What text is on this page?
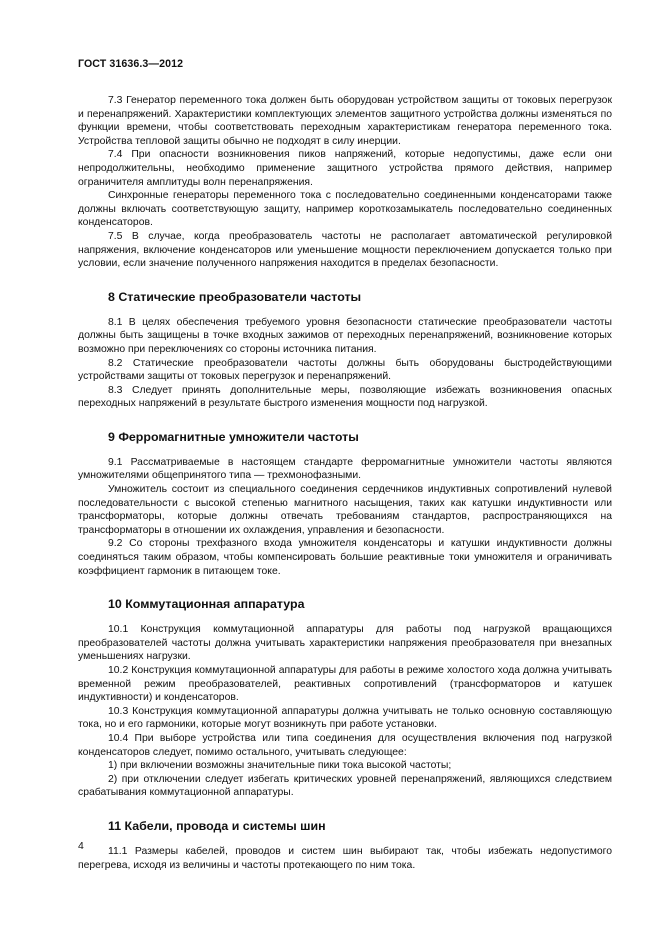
ГОСТ 31636.3—2012

7.3 Генератор переменного тока должен быть оборудован устройством защиты от токовых перегрузок и перенапряжений. Характеристики комплектующих элементов защитного устройства должны изменяться по функции времени, чтобы соответствовать переходным характеристикам генератора переменного тока. Устройства тепловой защиты обычно не подходят в силу инерции.

7.4 При опасности возникновения пиков напряжений, которые недопустимы, даже если они непродолжительны, необходимо применение защитного устройства прямого действия, например ограничителя амплитуды волн перенапряжения.

Синхронные генераторы переменного тока с последовательно соединенными конденсаторами также должны включать соответствующую защиту, например короткозамыкатель последовательно соединенных конденсаторов.

7.5 В случае, когда преобразователь частоты не располагает автоматической регулировкой напряжения, включение конденсаторов или уменьшение мощности переключением допускается только при условии, если значение полученного напряжения находится в пределах безопасности.

8 Статические преобразователи частоты

8.1 В целях обеспечения требуемого уровня безопасности статические преобразователи частоты должны быть защищены в точке входных зажимов от переходных перенапряжений, возникновение которых возможно при переключениях со стороны источника питания.

8.2 Статические преобразователи частоты должны быть оборудованы быстродействующими устройствами защиты от токовых перегрузок и перенапряжений.

8.3 Следует принять дополнительные меры, позволяющие избежать возникновения опасных переходных напряжений в результате быстрого изменения мощности под нагрузкой.

9 Ферромагнитные умножители частоты

9.1 Рассматриваемые в настоящем стандарте ферромагнитные умножители частоты являются умножителями общепринятого типа — трехмонофазными.

Умножитель состоит из специального соединения сердечников индуктивных сопротивлений нулевой последовательности с высокой степенью магнитного насыщения, таких как катушки индуктивности или трансформаторы, которые должны отвечать требованиям стандартов, распространяющихся на трансформаторы в отношении их охлаждения, управления и безопасности.

9.2 Со стороны трехфазного входа умножителя конденсаторы и катушки индуктивности должны соединяться таким образом, чтобы компенсировать большие реактивные токи умножителя и ограничивать коэффициент гармоник в питающем токе.

10 Коммутационная аппаратура

10.1 Конструкция коммутационной аппаратуры для работы под нагрузкой вращающихся преобразователей частоты должна учитывать характеристики напряжения преобразователя при внезапных уменьшениях нагрузки.

10.2 Конструкция коммутационной аппаратуры для работы в режиме холостого хода должна учитывать временной режим преобразователей, реактивных сопротивлений (трансформаторов и катушек индуктивности) и конденсаторов.

10.3 Конструкция коммутационной аппаратуры должна учитывать не только основную составляющую тока, но и его гармоники, которые могут возникнуть при работе установки.

10.4 При выборе устройства или типа соединения для осуществления включения под нагрузкой конденсаторов следует, помимо остального, учитывать следующее:

1) при включении возможны значительные пики тока высокой частоты;

2) при отключении следует избегать критических уровней перенапряжений, являющихся следствием срабатывания коммутационной аппаратуры.

11 Кабели, провода и системы шин

11.1 Размеры кабелей, проводов и систем шин выбирают так, чтобы избежать недопустимого перегрева, исходя из величины и частоты протекающего по ним тока.

4
